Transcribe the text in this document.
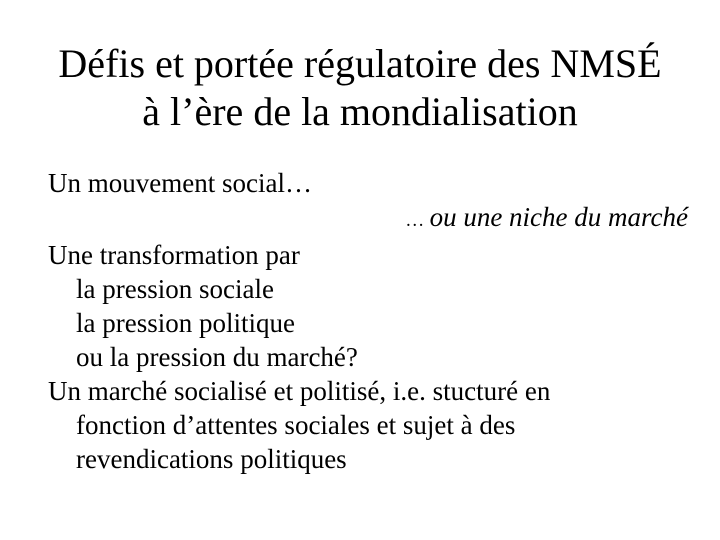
Défis et portée régulatoire des NMSÉ
à l’ère de la mondialisation
Un mouvement social…
… ou une niche du marché
Une transformation par
la pression sociale
la pression politique
ou la pression du marché?
Un marché socialisé et politisé, i.e. stucturé en
fonction d’attentes sociales et sujet à des
revendications politiques
